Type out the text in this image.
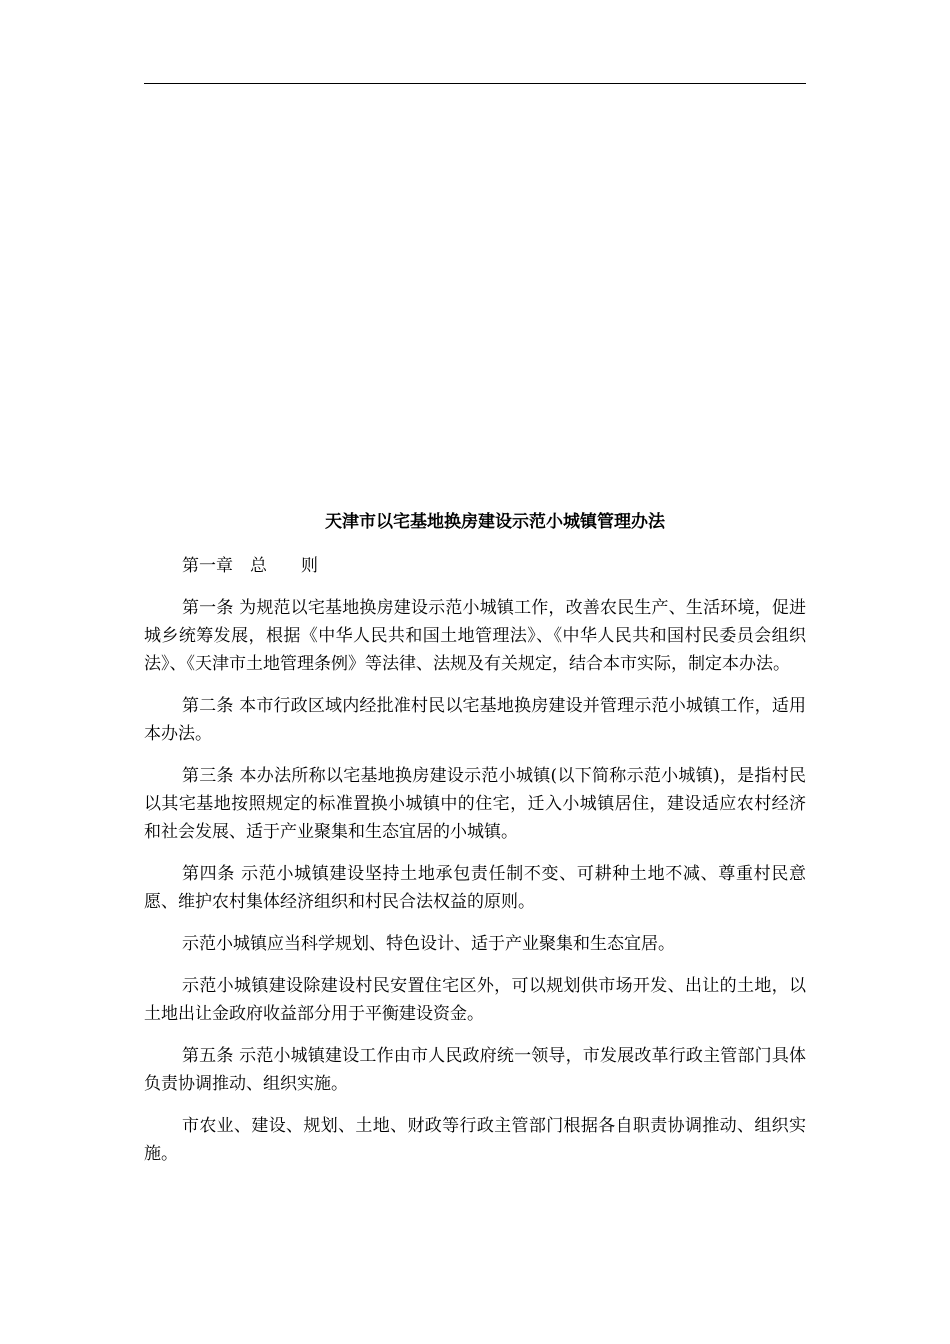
天津市以宅基地换房建设示范小城镇管理办法
第一章　总　　则

第一条 为规范以宅基地换房建设示范小城镇工作，改善农民生产、生活环境，促进城乡统筹发展，根据《中华人民共和国土地管理法》、《中华人民共和国村民委员会组织法》、《天津市土地管理条例》等法律、法规及有关规定，结合本市实际，制定本办法。

第二条 本市行政区域内经批准村民以宅基地换房建设并管理示范小城镇工作，适用本办法。

第三条 本办法所称以宅基地换房建设示范小城镇(以下简称示范小城镇)，是指村民以其宅基地按照规定的标准置换小城镇中的住宅，迁入小城镇居住，建设适应农村经济和社会发展、适于产业聚集和生态宜居的小城镇。

第四条 示范小城镇建设坚持土地承包责任制不变、可耕种土地不减、尊重村民意愿、维护农村集体经济组织和村民合法权益的原则。

示范小城镇应当科学规划、特色设计、适于产业聚集和生态宜居。

示范小城镇建设除建设村民安置住宅区外，可以规划供市场开发、出让的土地，以土地出让金政府收益部分用于平衡建设资金。

第五条 示范小城镇建设工作由市人民政府统一领导，市发展改革行政主管部门具体负责协调推动、组织实施。

市农业、建设、规划、土地、财政等行政主管部门根据各自职责协调推动、组织实施。
